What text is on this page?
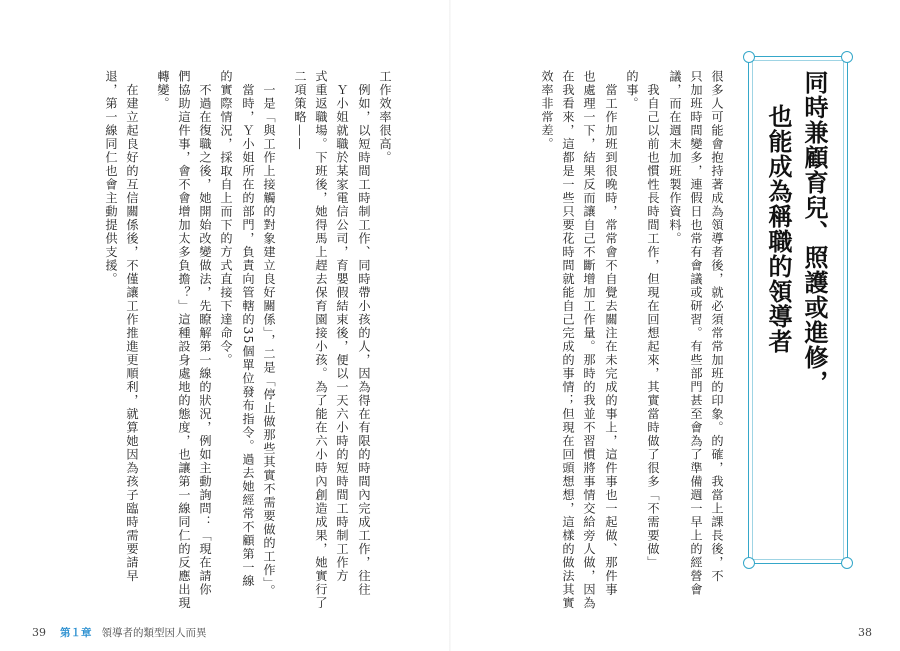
同時兼顧育兒、照護或進修，
也能成為稱職的領導者
很多人可能會抱持著成為領導者後，就必須常常加班的印象。的確，我當上課長後，不
只加班時間變多，連假日也常有會議或研習。有些部門甚至會為了準備週一早上的經營會
議，而在週末加班製作資料。
　我自己以前也慣性長時間工作，但現在回想起來，其實當時做了很多「不需要做」
的事。
　當工作加班到很晚時，常常會不自覺去關注在未完成的事上，這件事也一起做、那件事
也處理一下，結果反而讓自己不斷增加工作量。那時的我並不習慣將事情交給旁人做，因為
在我看來，這都是一些只要花時間就能自己完成的事情；但現在回頭想想，這樣的做法其實
效率非常差。
工作效率很高。
　例如，以短時間工時制工作、同時帶小孩的人，因為得在有限的時間內完成工作，往往
　Ｙ小姐就職於某家電信公司，育嬰假結束後，便以一天六小時的短時間工時制工作方
式重返職場。下班後，她得馬上趕去保育園接小孩。為了能在六小時內創造成果，她實行了
二項策略——
　一是「與工作上接觸的對象建立良好關係」，二是「停止做那些其實不需要做的工作」。
　當時，Ｙ小姐所在的部門，負責向管轄的35個單位發布指令。過去她經常不顧第一線
的實際情況，採取自上而下的方式直接下達命令。
　不過在復職之後，她開始改變做法，先瞭解第一線的狀況，例如主動詢問：「現在請你
們協助這件事，會不會增加太多負擔？」這種設身處地的態度，也讓第一線同仁的反應出現
轉變。
　在建立起良好的互信關係後，不僅讓工作推進更順利，就算她因為孩子臨時需要請早
退，第一線同仁也會主動提供支援。
39 第１章 領導者的類型因人而異	38
